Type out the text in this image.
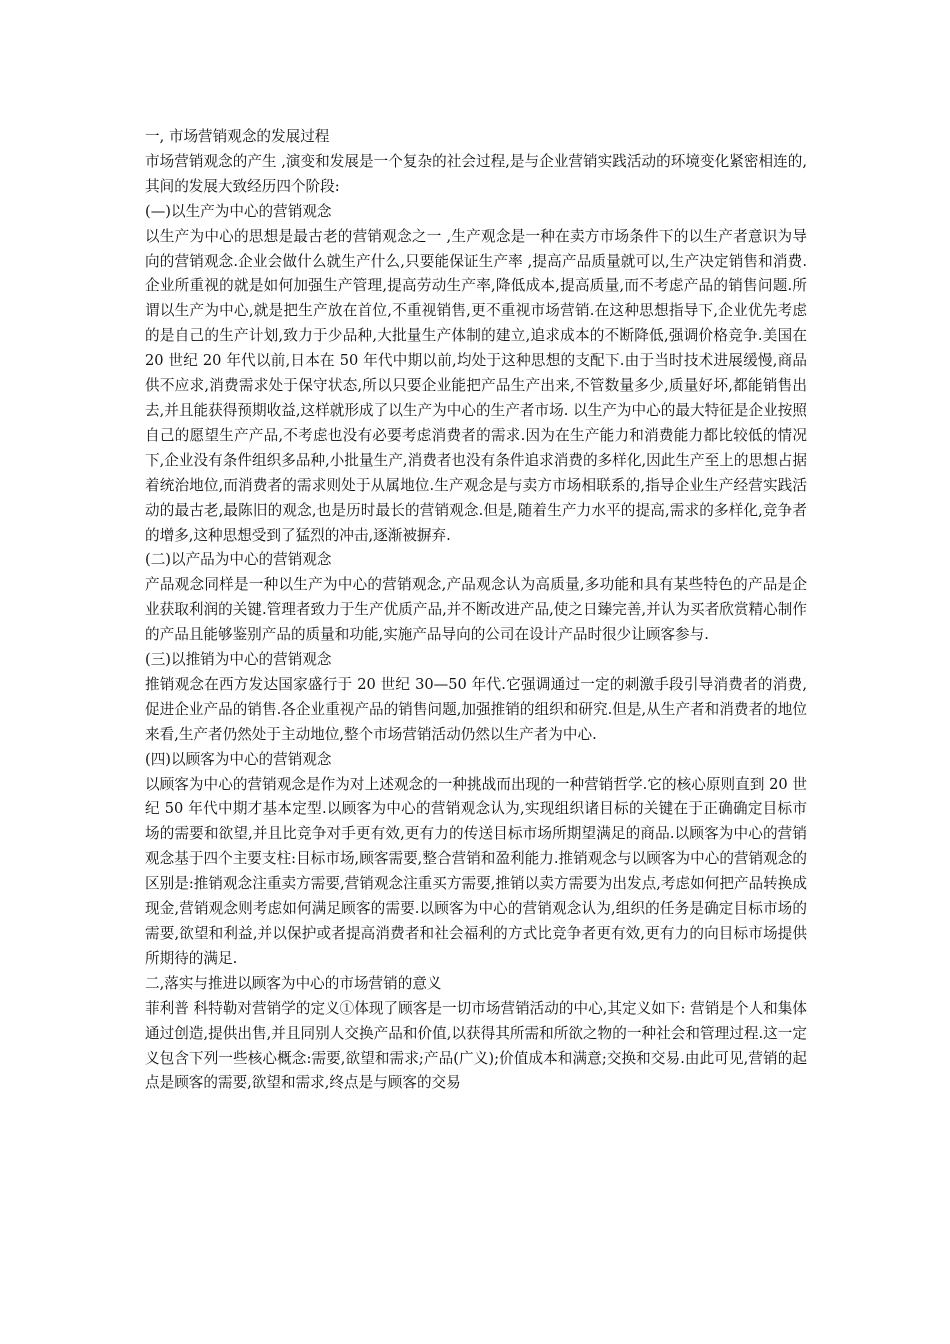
一, 市场营销观念的发展过程

市场营销观念的产生 ,演变和发展是一个复杂的社会过程,是与企业营销实践活动的环境变化紧密相连的,其间的发展大致经历四个阶段:

(—)以生产为中心的营销观念

以生产为中心的思想是最古老的营销观念之一 ,生产观念是一种在卖方市场条件下的以生产者意识为导向的营销观念.企业会做什么就生产什么,只要能保证生产率 ,提高产品质量就可以,生产决定销售和消费.企业所重视的就是如何加强生产管理,提高劳动生产率,降低成本,提高质量,而不考虑产品的销售问题.所谓以生产为中心,就是把生产放在首位,不重视销售,更不重视市场营销.在这种思想指导下,企业优先考虑的是自己的生产计划,致力于少品种,大批量生产体制的建立,追求成本的不断降低,强调价格竞争.美国在 20 世纪 20 年代以前,日本在 50 年代中期以前,均处于这种思想的支配下.由于当时技术进展缓慢,商品供不应求,消费需求处于保守状态,所以只要企业能把产品生产出来,不管数量多少,质量好坏,都能销售出去,并且能获得预期收益,这样就形成了以生产为中心的生产者市场. 以生产为中心的最大特征是企业按照自己的愿望生产产品,不考虑也没有必要考虑消费者的需求.因为在生产能力和消费能力都比较低的情况下,企业没有条件组织多品种,小批量生产,消费者也没有条件追求消费的多样化,因此生产至上的思想占据着统治地位,而消费者的需求则处于从属地位.生产观念是与卖方市场相联系的,指导企业生产经营实践活动的最古老,最陈旧的观念,也是历时最长的营销观念.但是,随着生产力水平的提高,需求的多样化,竞争者的增多,这种思想受到了猛烈的冲击,逐渐被摒弃.

(二)以产品为中心的营销观念

产品观念同样是一种以生产为中心的营销观念,产品观念认为高质量,多功能和具有某些特色的产品是企业获取利润的关键.管理者致力于生产优质产品,并不断改进产品,使之日臻完善,并认为买者欣赏精心制作的产品且能够鉴别产品的质量和功能,实施产品导向的公司在设计产品时很少让顾客参与.

(三)以推销为中心的营销观念

推销观念在西方发达国家盛行于 20 世纪 30—50 年代.它强调通过一定的刺激手段引导消费者的消费,促进企业产品的销售.各企业重视产品的销售问题,加强推销的组织和研究.但是,从生产者和消费者的地位来看,生产者仍然处于主动地位,整个市场营销活动仍然以生产者为中心.

(四)以顾客为中心的营销观念

以顾客为中心的营销观念是作为对上述观念的一种挑战而出现的一种营销哲学.它的核心原则直到 20 世纪 50 年代中期才基本定型.以顾客为中心的营销观念认为,实现组织诸目标的关键在于正确确定目标市场的需要和欲望,并且比竞争对手更有效,更有力的传送目标市场所期望满足的商品.以顾客为中心的营销观念基于四个主要支柱:目标市场,顾客需要,整合营销和盈利能力.推销观念与以顾客为中心的营销观念的区别是:推销观念注重卖方需要,营销观念注重买方需要,推销以卖方需要为出发点,考虑如何把产品转换成现金,营销观念则考虑如何满足顾客的需要.以顾客为中心的营销观念认为,组织的任务是确定目标市场的需要,欲望和利益,并以保护或者提高消费者和社会福利的方式比竞争者更有效,更有力的向目标市场提供所期待的满足.

二,落实与推进以顾客为中心的市场营销的意义

菲利普 科特勒对营销学的定义①体现了顾客是一切市场营销活动的中心,其定义如下: 营销是个人和集体通过创造,提供出售,并且同别人交换产品和价值,以获得其所需和所欲之物的一种社会和管理过程.这一定义包含下列一些核心概念:需要,欲望和需求;产品(广义);价值成本和满意;交换和交易.由此可见,营销的起点是顾客的需要,欲望和需求,终点是与顾客的交易
